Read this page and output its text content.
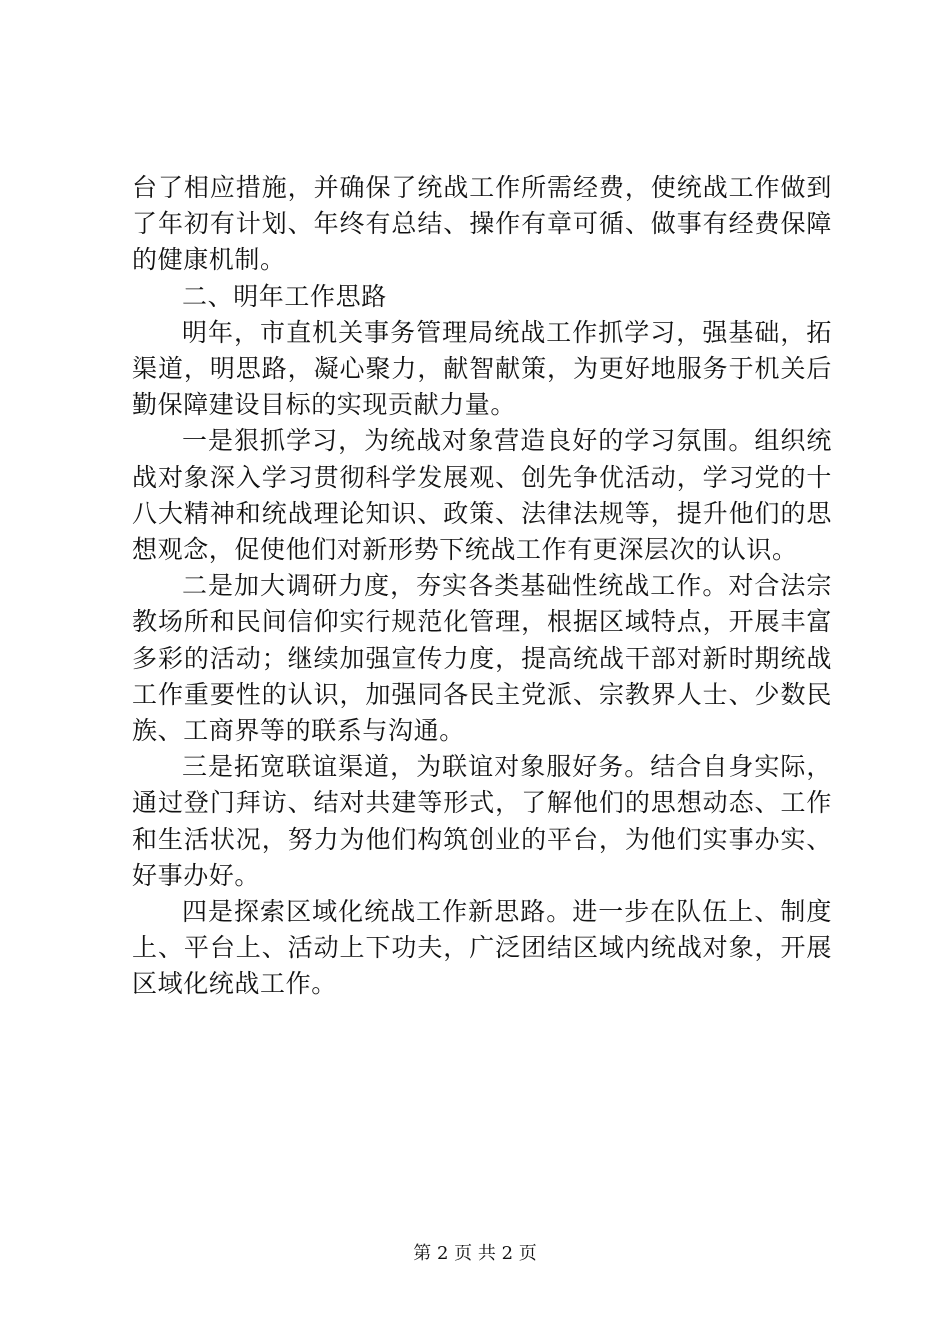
台了相应措施，并确保了统战工作所需经费，使统战工作做到了年初有计划、年终有总结、操作有章可循、做事有经费保障的健康机制。

二、明年工作思路

明年，市直机关事务管理局统战工作抓学习，强基础，拓渠道，明思路，凝心聚力，献智献策，为更好地服务于机关后勤保障建设目标的实现贡献力量。

一是狠抓学习，为统战对象营造良好的学习氛围。组织统战对象深入学习贯彻科学发展观、创先争优活动，学习党的十八大精神和统战理论知识、政策、法律法规等，提升他们的思想观念，促使他们对新形势下统战工作有更深层次的认识。

二是加大调研力度，夯实各类基础性统战工作。对合法宗教场所和民间信仰实行规范化管理，根据区域特点，开展丰富多彩的活动；继续加强宣传力度，提高统战干部对新时期统战工作重要性的认识，加强同各民主党派、宗教界人士、少数民族、工商界等的联系与沟通。

三是拓宽联谊渠道，为联谊对象服好务。结合自身实际，通过登门拜访、结对共建等形式，了解他们的思想动态、工作和生活状况，努力为他们构筑创业的平台，为他们实事办实、好事办好。

四是探索区域化统战工作新思路。进一步在队伍上、制度上、平台上、活动上下功夫，广泛团结区域内统战对象，开展区域化统战工作。

第 2 页 共 2 页
